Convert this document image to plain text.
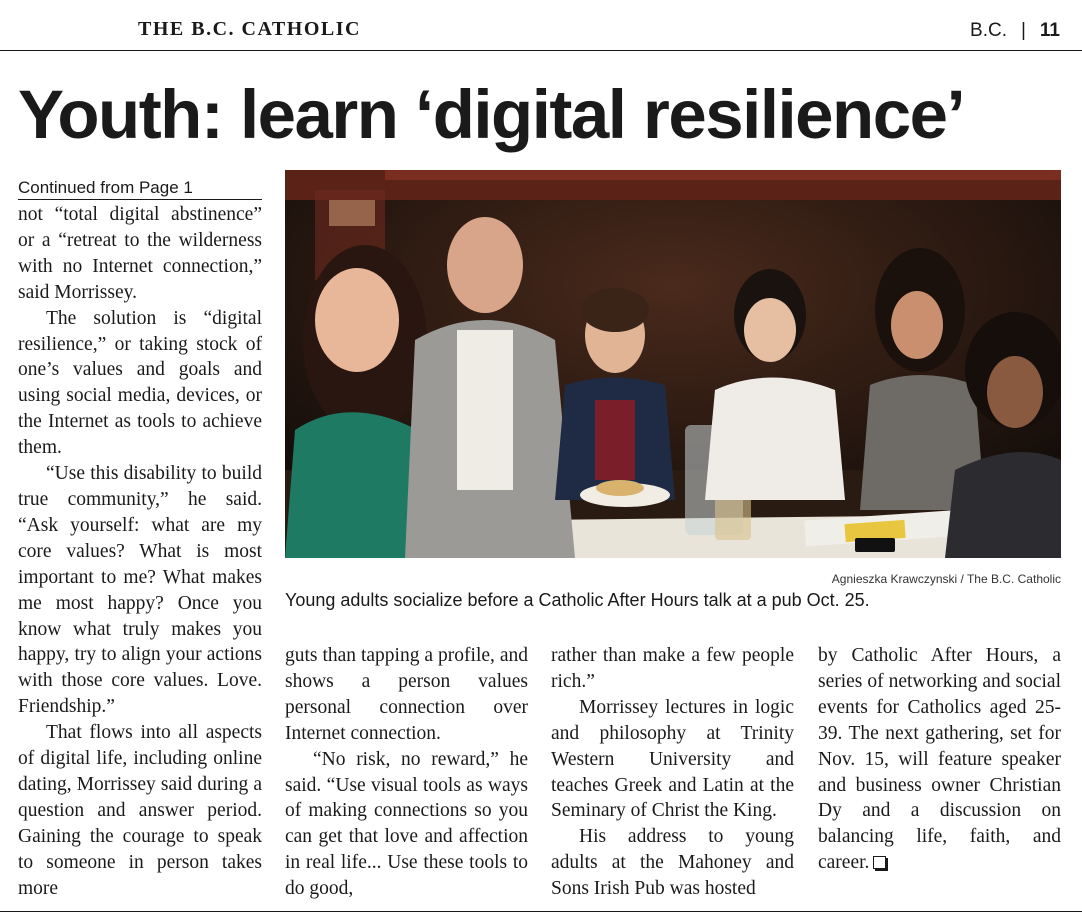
THE B.C. CATHOLIC	B.C. | 11
Youth: learn ‘digital resilience’
Continued from Page 1

not “total digital abstinence” or a “retreat to the wilderness with no Internet connection,” said Morrissey.

The solution is “digital resilience,” or taking stock of one’s values and goals and using social media, devices, or the Internet as tools to achieve them.

“Use this disability to build true community,” he said. “Ask yourself: what are my core values? What is most important to me? What makes me most happy? Once you know what truly makes you happy, try to align your actions with those core values. Love. Friendship.”

That flows into all aspects of digital life, including online dating, Morrissey said during a question and answer period. Gaining the courage to speak to someone in person takes more

Agnieszka Krawczynski / The B.C. Catholic
Young adults socialize before a Catholic After Hours talk at a pub Oct. 25.

guts than tapping a profile, and shows a person values personal connection over Internet connection.

“No risk, no reward,” he said. “Use visual tools as ways of making connections so you can get that love and affection in real life... Use these tools to do good,

rather than make a few people rich.”

Morrissey lectures in logic and philosophy at Trinity Western University and teaches Greek and Latin at the Seminary of Christ the King.

His address to young adults at the Mahoney and Sons Irish Pub was hosted

by Catholic After Hours, a series of networking and social events for Catholics aged 25-39. The next gathering, set for Nov. 15, will feature speaker and business owner Christian Dy and a discussion on balancing life, faith, and career.
